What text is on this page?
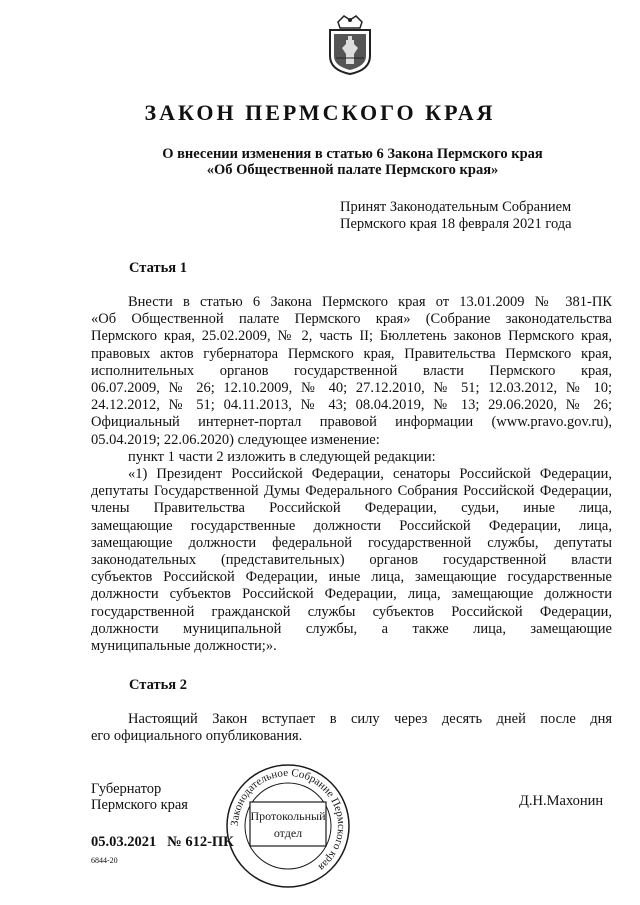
ЗАКОН ПЕРМСКОГО КРАЯ
О внесении изменения в статью 6 Закона Пермского края
«Об Общественной палате Пермского края»
Принят Законодательным Собранием
Пермского края 18 февраля 2021 года
Статья 1
Внести в статью 6 Закона Пермского края от 13.01.2009 № 381-ПК
«Об Общественной палате Пермского края» (Собрание законодательства
Пермского края, 25.02.2009, № 2, часть II; Бюллетень законов Пермского края,
правовых актов губернатора Пермского края, Правительства Пермского края,
исполнительных органов государственной власти Пермского края,
06.07.2009, № 26; 12.10.2009, № 40; 27.12.2010, № 51; 12.03.2012, № 10;
24.12.2012, № 51; 04.11.2013, № 43; 08.04.2019, № 13; 29.06.2020, № 26;
Официальный интернет-портал правовой информации (www.pravo.gov.ru),
05.04.2019; 22.06.2020) следующее изменение:
пункт 1 части 2 изложить в следующей редакции:
«1) Президент Российской Федерации, сенаторы Российской Федерации,
депутаты Государственной Думы Федерального Собрания Российской Федерации,
члены Правительства Российской Федерации, судьи, иные лица,
замещающие государственные должности Российской Федерации, лица,
замещающие должности федеральной государственной службы, депутаты
законодательных (представительных) органов государственной власти
субъектов Российской Федерации, иные лица, замещающие государственные
должности субъектов Российской Федерации, лица, замещающие должности
государственной гражданской службы субъектов Российской Федерации,
должности муниципальной службы, а также лица, замещающие
муниципальные должности;».
Статья 2
Настоящий Закон вступает в силу через десять дней после дня
его официального опубликования.
Губернатор
Пермского края	Д.Н.Махонин
05.03.2021 № 612-ПК
6844-20
Законодательное Собрание Пермского края
Протокольный
отдел
